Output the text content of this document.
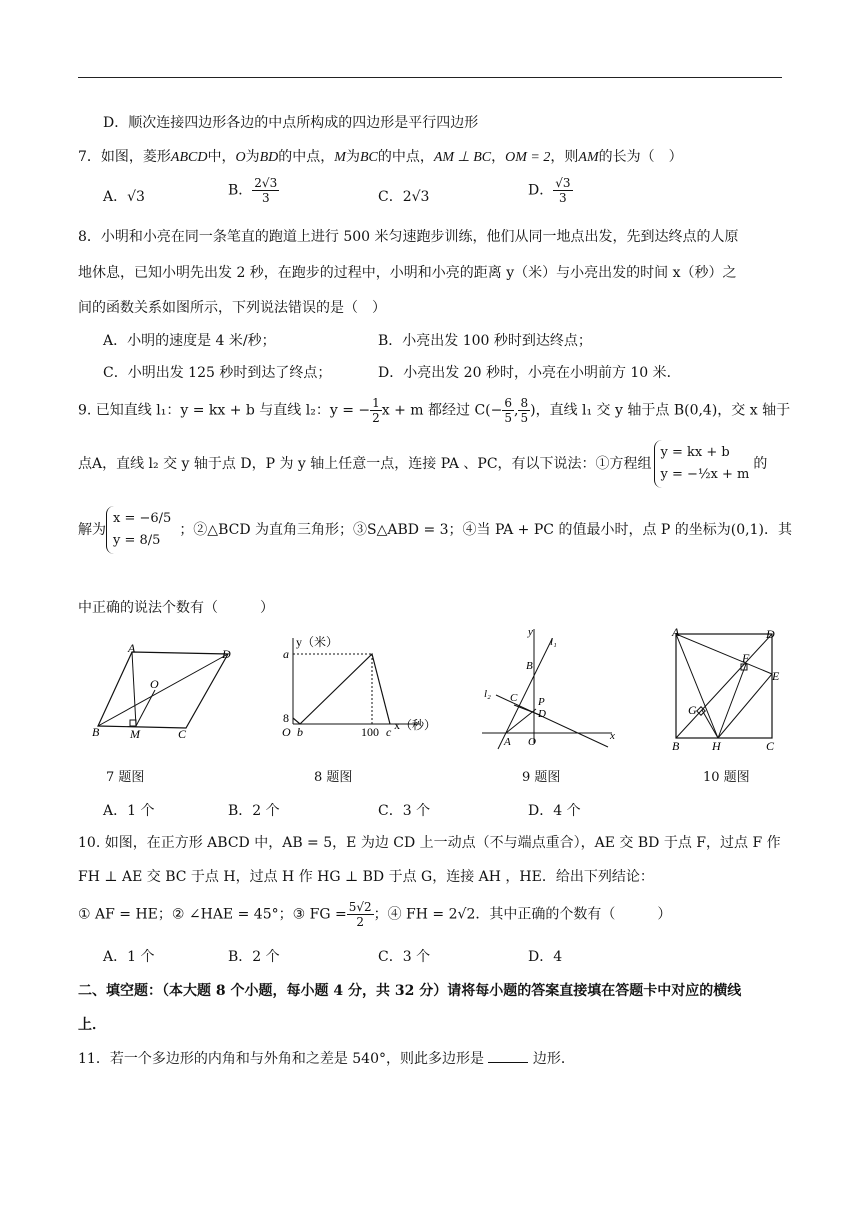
D．顺次连接四边形各边的中点所构成的四边形是平行四边形
7．如图，菱形ABCD中，O为BD的中点，M为BC的中点，AM ⊥ BC，OM = 2，则AM的长为（　）
A．√3	B． $\frac{2√3}{3}$	C．2√3	D． $\frac{√3}{3}$
8．小明和小亮在同一条笔直的跑道上进行 500 米匀速跑步训练，他们从同一地点出发，先到达终点的人原
地休息，已知小明先出发 2 秒，在跑步的过程中，小明和小亮的距离 y（米）与小亮出发的时间 x（秒）之
间的函数关系如图所示，下列说法错误的是（　）
A．小明的速度是 4 米/秒；	B．小亮出发 100 秒时到达终点；
C．小明出发 125 秒时到达了终点；	D．小亮出发 20 秒时，小亮在小明前方 10 米．
9. 已知直线 l₁：y = kx + b 与直线 l₂：y = − $\frac{1}{2}$ x + m 都经过 $C(- \frac{6}{5}$ , $\frac{8}{5}$ )，直线 l₁ 交 y 轴于点 B(0,4)，交 x 轴于
点A，直线 l₂ 交 y 轴于点 D，P 为 y 轴上任意一点，连接 PA 、PC，有以下说法：①方程组
y = kx + b
y = −½x + m
的
解为
x = −6/5
y = 8/5
；②△BCD 为直角三角形；③S△ABD = 3；④当 PA + PC 的值最小时，点 P 的坐标为(0,1)．其
中正确的说法个数有（　　　）
A	D
O
B	M	C
y（米）
a
8
O b	100 c x（秒）
y
l₁
B
l₂ C P
D
A O	x
A	D
F
E
G
B	H	C
7 题图	8 题图	9 题图	10 题图
A．1 个	B．2 个	C．3 个	D．4 个
10. 如图，在正方形 ABCD 中，AB = 5，E 为边 CD 上一动点（不与端点重合），AE 交 BD 于点 F，过点 F 作
FH ⊥ AE 交 BC 于点 H，过点 H 作 HG ⊥ BD 于点 G，连接 AH ，HE．给出下列结论：
① AF = HE；② ∠HAE = 45°；③ FG = $\frac{5√2}{2}$ ；④ FH = 2√2．其中正确的个数有（　　　）
A．1 个	B．2 个	C．3 个	D．4
二、填空题：（本大题 8 个小题，每小题 4 分，共 32 分）请将每小题的答案直接填在答题卡中对应的横线
上．
11．若一个多边形的内角和与外角和之差是 540°，则此多边形是	边形．
